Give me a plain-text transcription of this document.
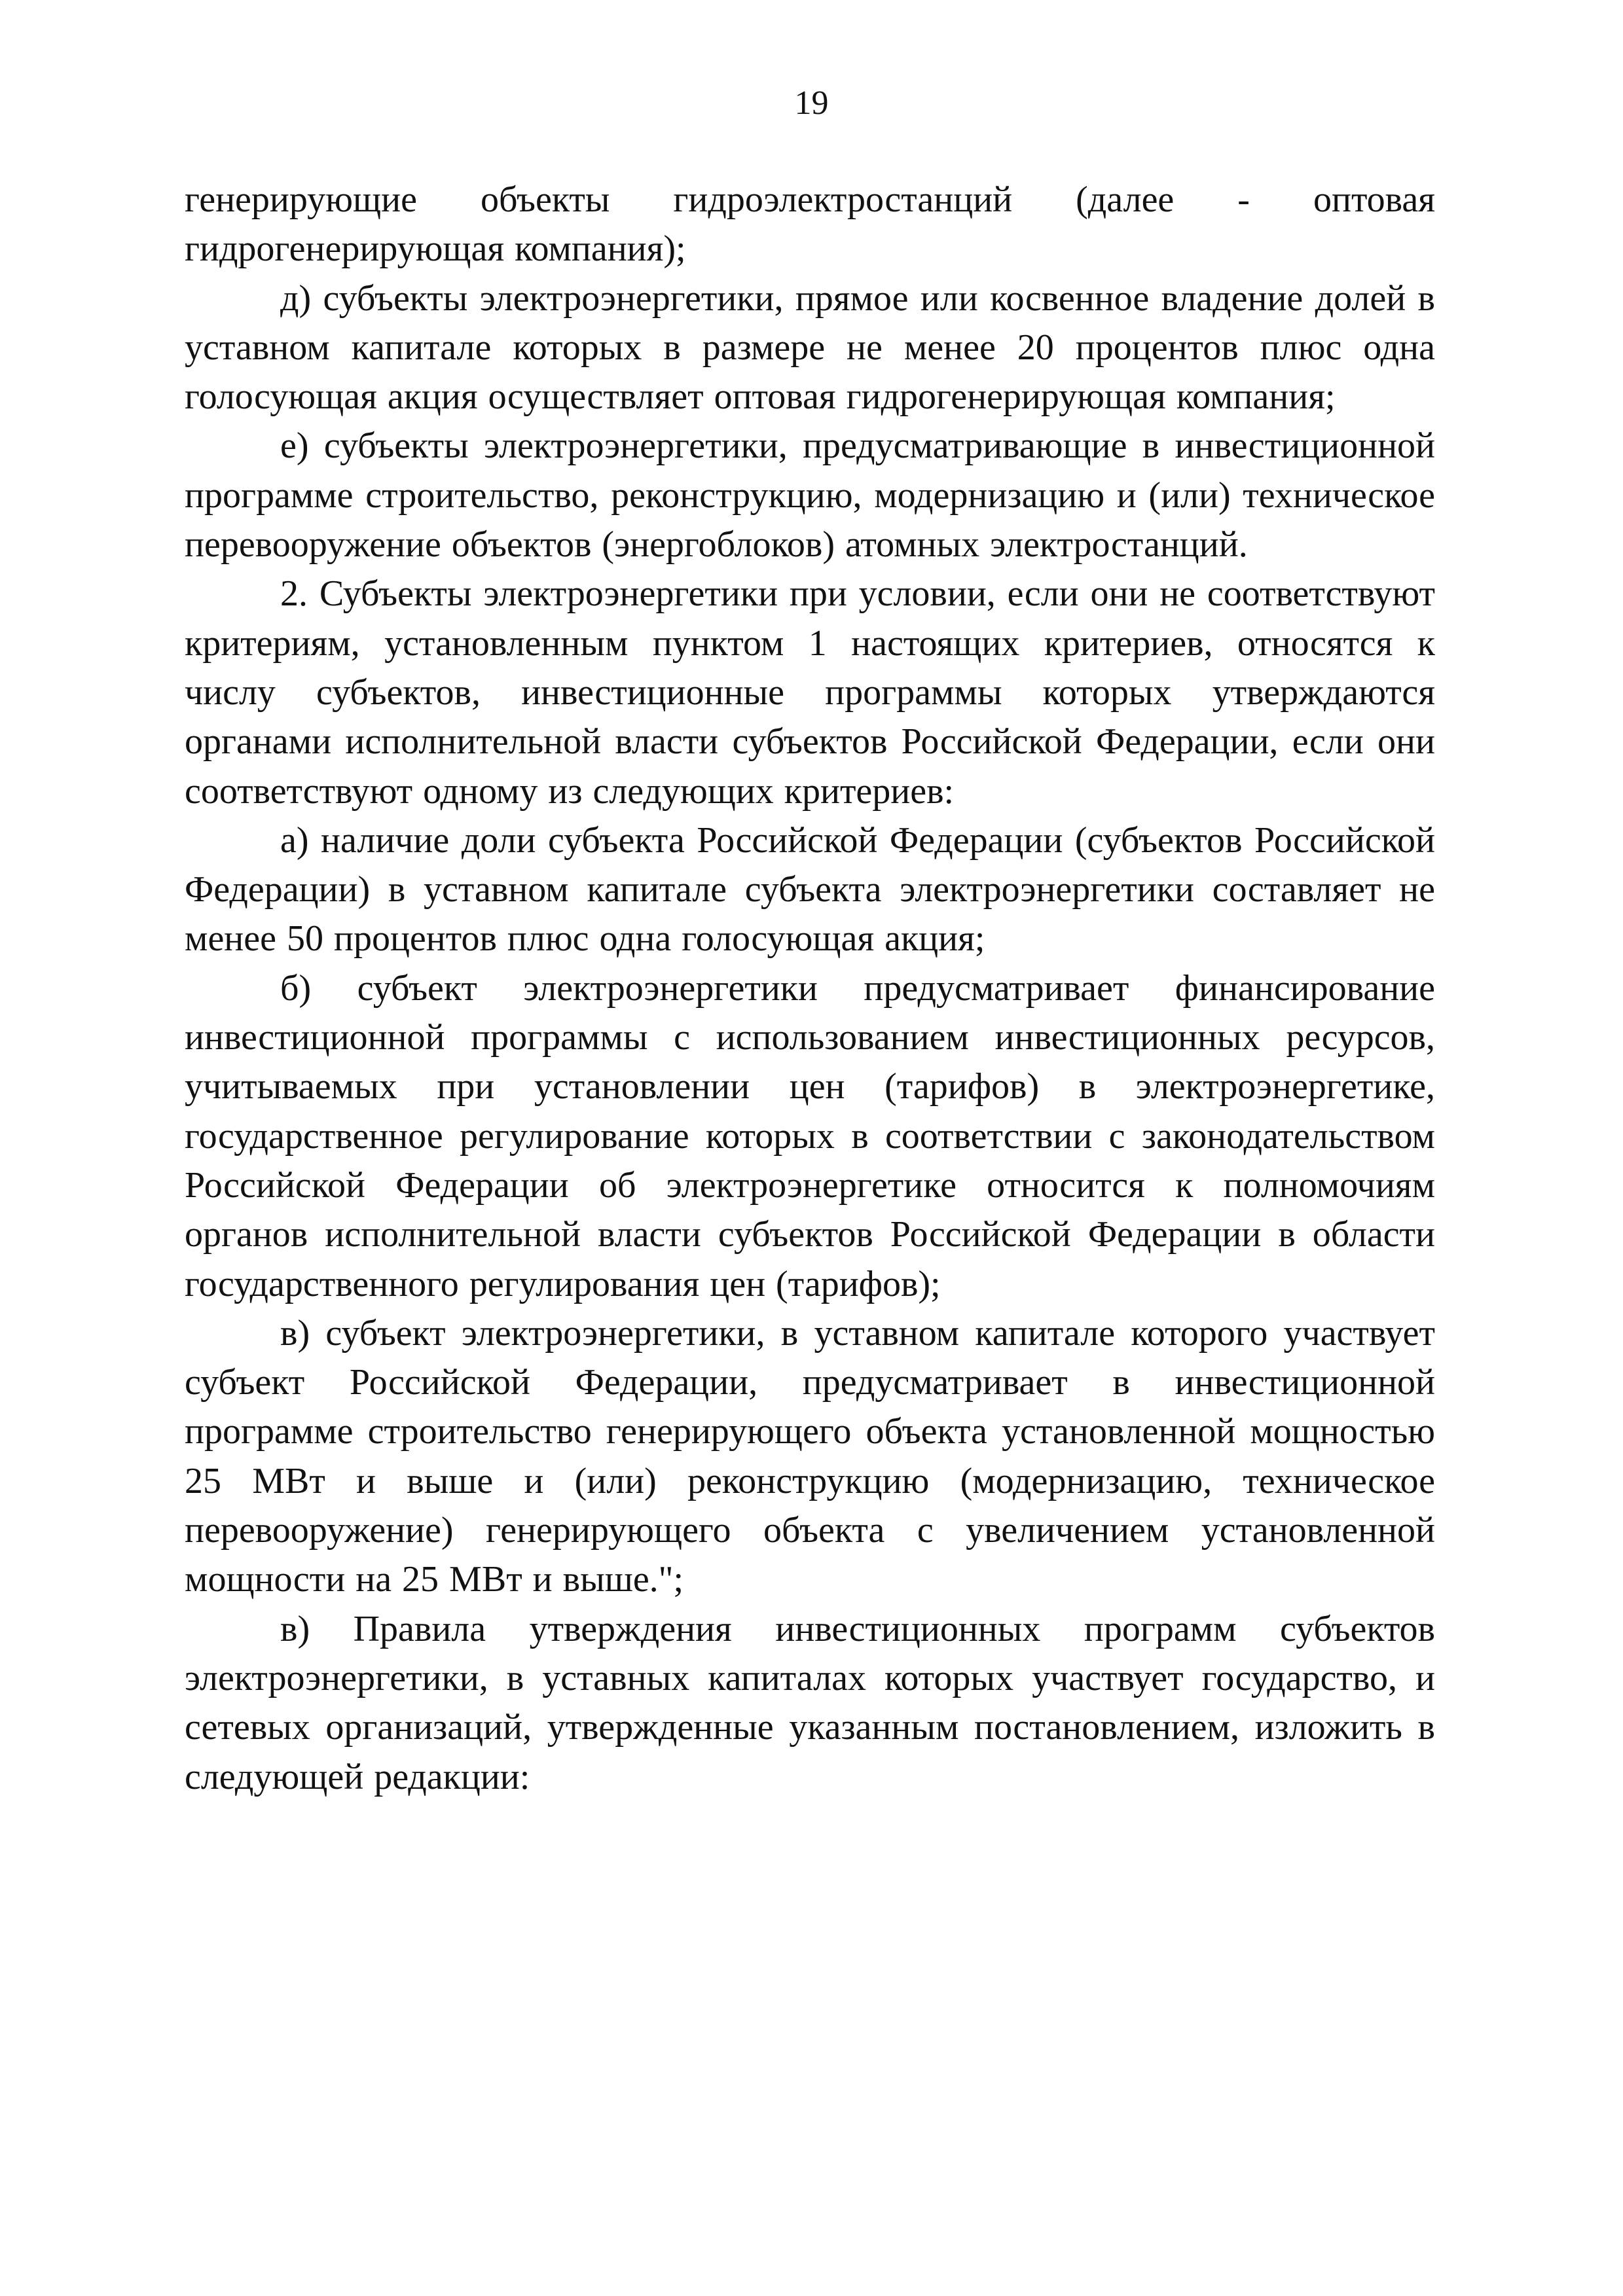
19

генерирующие объекты гидроэлектростанций (далее - оптовая гидрогенерирующая компания);

д) субъекты электроэнергетики, прямое или косвенное владение долей в уставном капитале которых в размере не менее 20 процентов плюс одна голосующая акция осуществляет оптовая гидрогенерирующая компания;

е) субъекты электроэнергетики, предусматривающие в инвестиционной программе строительство, реконструкцию, модернизацию и (или) техническое перевооружение объектов (энергоблоков) атомных электростанций.

2. Субъекты электроэнергетики при условии, если они не соответствуют критериям, установленным пунктом 1 настоящих критериев, относятся к числу субъектов, инвестиционные программы которых утверждаются органами исполнительной власти субъектов Российской Федерации, если они соответствуют одному из следующих критериев:

а) наличие доли субъекта Российской Федерации (субъектов Российской Федерации) в уставном капитале субъекта электроэнергетики составляет не менее 50 процентов плюс одна голосующая акция;

б) субъект электроэнергетики предусматривает финансирование инвестиционной программы с использованием инвестиционных ресурсов, учитываемых при установлении цен (тарифов) в электроэнергетике, государственное регулирование которых в соответствии с законодательством Российской Федерации об электроэнергетике относится к полномочиям органов исполнительной власти субъектов Российской Федерации в области государственного регулирования цен (тарифов);

в) субъект электроэнергетики, в уставном капитале которого участвует субъект Российской Федерации, предусматривает в инвестиционной программе строительство генерирующего объекта установленной мощностью 25 МВт и выше и (или) реконструкцию (модернизацию, техническое перевооружение) генерирующего объекта с увеличением установленной мощности на 25 МВт и выше.";

в) Правила утверждения инвестиционных программ субъектов электроэнергетики, в уставных капиталах которых участвует государство, и сетевых организаций, утвержденные указанным постановлением, изложить в следующей редакции:
